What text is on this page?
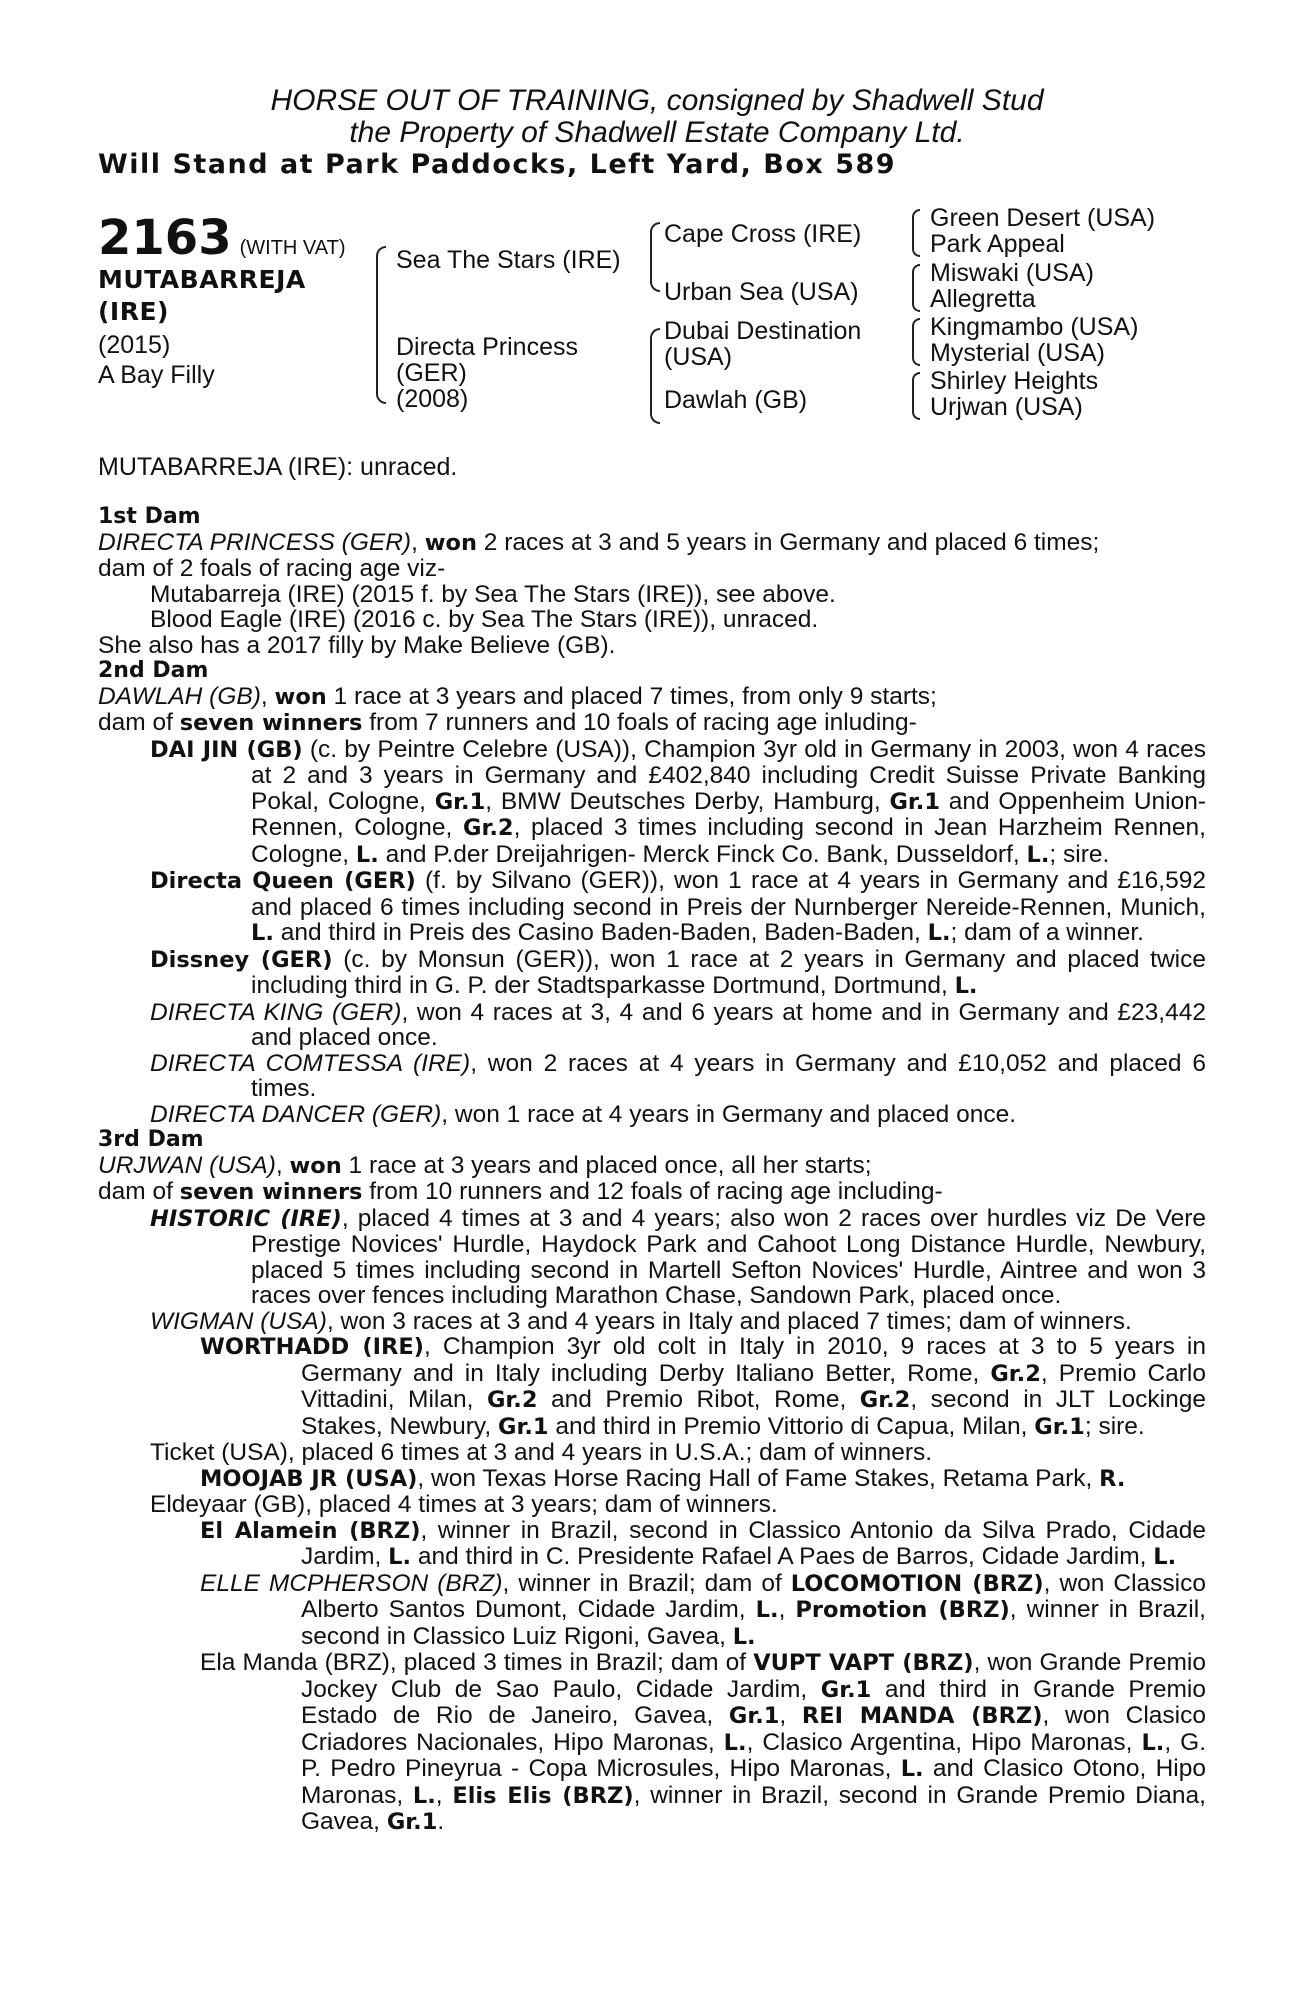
HORSE OUT OF TRAINING, consigned by Shadwell Stud
the Property of Shadwell Estate Company Ltd.
Will Stand at Park Paddocks, Left Yard, Box 589
2163 (WITH VAT)
MUTABARREJA
(IRE)
(2015)
A Bay Filly
Sea The Stars (IRE)
Directa Princess
(GER)
(2008)
Cape Cross (IRE)
Urban Sea (USA)
Dubai Destination
(USA)
Dawlah (GB)
Green Desert (USA)
Park Appeal
Miswaki (USA)
Allegretta
Kingmambo (USA)
Mysterial (USA)
Shirley Heights
Urjwan (USA)
MUTABARREJA (IRE): unraced.

1st Dam

DIRECTA PRINCESS (GER), won 2 races at 3 and 5 years in Germany and placed 6 times;

dam of 2 foals of racing age viz-

Mutabarreja (IRE) (2015 f. by Sea The Stars (IRE)), see above.

Blood Eagle (IRE) (2016 c. by Sea The Stars (IRE)), unraced.

She also has a 2017 filly by Make Believe (GB).

2nd Dam

DAWLAH (GB), won 1 race at 3 years and placed 7 times, from only 9 starts;

dam of seven winners from 7 runners and 10 foals of racing age inluding-

DAI JIN (GB) (c. by Peintre Celebre (USA)), Champion 3yr old in Germany in 2003, won 4 races at 2 and 3 years in Germany and £402,840 including Credit Suisse Private Banking Pokal, Cologne, Gr.1, BMW Deutsches Derby, Hamburg, Gr.1 and Oppenheim Union-Rennen, Cologne, Gr.2, placed 3 times including second in Jean Harzheim Rennen, Cologne, L. and P.der Dreijahrigen- Merck Finck Co. Bank, Dusseldorf, L.; sire.

Directa Queen (GER) (f. by Silvano (GER)), won 1 race at 4 years in Germany and £16,592 and placed 6 times including second in Preis der Nurnberger Nereide-Rennen, Munich, L. and third in Preis des Casino Baden-Baden, Baden-Baden, L.; dam of a winner.

Dissney (GER) (c. by Monsun (GER)), won 1 race at 2 years in Germany and placed twice including third in G. P. der Stadtsparkasse Dortmund, Dortmund, L.

DIRECTA KING (GER), won 4 races at 3, 4 and 6 years at home and in Germany and £23,442 and placed once.

DIRECTA COMTESSA (IRE), won 2 races at 4 years in Germany and £10,052 and placed 6 times.

DIRECTA DANCER (GER), won 1 race at 4 years in Germany and placed once.

3rd Dam

URJWAN (USA), won 1 race at 3 years and placed once, all her starts;

dam of seven winners from 10 runners and 12 foals of racing age including-

HISTORIC (IRE), placed 4 times at 3 and 4 years; also won 2 races over hurdles viz De Vere Prestige Novices' Hurdle, Haydock Park and Cahoot Long Distance Hurdle, Newbury, placed 5 times including second in Martell Sefton Novices' Hurdle, Aintree and won 3 races over fences including Marathon Chase, Sandown Park, placed once.

WIGMAN (USA), won 3 races at 3 and 4 years in Italy and placed 7 times; dam of winners.

WORTHADD (IRE), Champion 3yr old colt in Italy in 2010, 9 races at 3 to 5 years in Germany and in Italy including Derby Italiano Better, Rome, Gr.2, Premio Carlo Vittadini, Milan, Gr.2 and Premio Ribot, Rome, Gr.2, second in JLT Lockinge Stakes, Newbury, Gr.1 and third in Premio Vittorio di Capua, Milan, Gr.1; sire.

Ticket (USA), placed 6 times at 3 and 4 years in U.S.A.; dam of winners.

MOOJAB JR (USA), won Texas Horse Racing Hall of Fame Stakes, Retama Park, R.

Eldeyaar (GB), placed 4 times at 3 years; dam of winners.

El Alamein (BRZ), winner in Brazil, second in Classico Antonio da Silva Prado, Cidade Jardim, L. and third in C. Presidente Rafael A Paes de Barros, Cidade Jardim, L.

ELLE MCPHERSON (BRZ), winner in Brazil; dam of LOCOMOTION (BRZ), won Classico Alberto Santos Dumont, Cidade Jardim, L., Promotion (BRZ), winner in Brazil, second in Classico Luiz Rigoni, Gavea, L.

Ela Manda (BRZ), placed 3 times in Brazil; dam of VUPT VAPT (BRZ), won Grande Premio Jockey Club de Sao Paulo, Cidade Jardim, Gr.1 and third in Grande Premio Estado de Rio de Janeiro, Gavea, Gr.1, REI MANDA (BRZ), won Clasico Criadores Nacionales, Hipo Maronas, L., Clasico Argentina, Hipo Maronas, L., G. P. Pedro Pineyrua - Copa Microsules, Hipo Maronas, L. and Clasico Otono, Hipo Maronas, L., Elis Elis (BRZ), winner in Brazil, second in Grande Premio Diana, Gavea, Gr.1.
